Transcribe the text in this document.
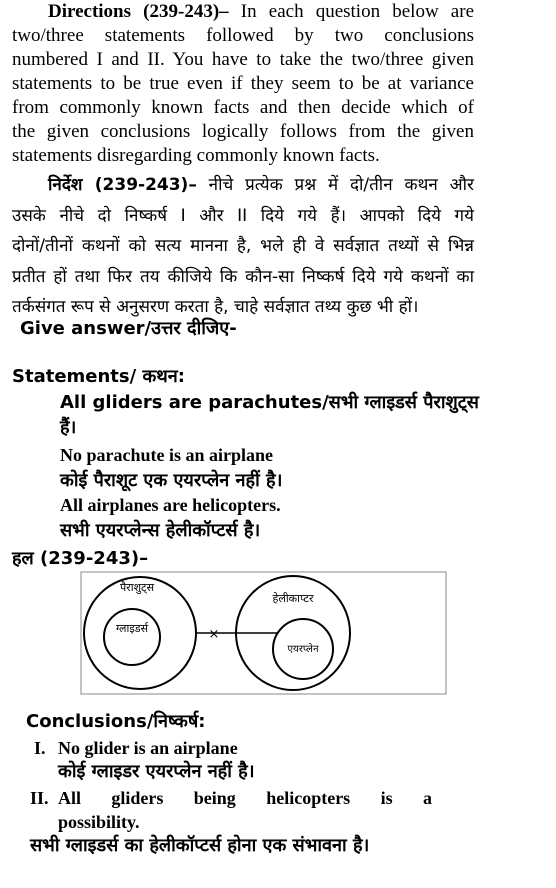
Directions (239-243)– In each question below are
two/three statements followed by two conclusions
numbered I and II. You have to take the two/three given
statements to be true even if they seem to be at variance
from commonly known facts and then decide which of
the given conclusions logically follows from the given
statements disregarding commonly known facts.
निर्देश (239-243)– नीचे प्रत्येक प्रश्न में दो/तीन कथन और
उसके नीचे दो निष्कर्ष I और II दिये गये हैं। आपको दिये गये
दोनों/तीनों कथनों को सत्य मानना है, भले ही वे सर्वज्ञात तथ्यों से भिन्न
प्रतीत हों तथा फिर तय कीजिये कि कौन-सा निष्कर्ष दिये गये कथनों का
तर्कसंगत रूप से अनुसरण करता है, चाहे सर्वज्ञात तथ्य कुछ भी हों।
Give answer/उत्तर दीजिए-
Statements/ कथन:
All gliders are parachutes/सभी ग्लाइडर्स पैराशुट्स
हैं।
No parachute is an airplane
कोई पैराशूट एक एयरप्लेन नहीं है।
All airplanes are helicopters.
सभी एयरप्लेन्स हेलीकॉप्टर्स है।
हल (239-243)–
×
पैराशुट्स
ग्लाइडर्स
हेलीकाप्टर
एयरप्लेन
Conclusions/निष्कर्ष:
I. No glider is an airplane
कोई ग्लाइडर एयरप्लेन नहीं है।
II. All gliders being helicopters is a
possibility.
सभी ग्लाइडर्स का हेलीकॉप्टर्स होना एक संभावना है।
